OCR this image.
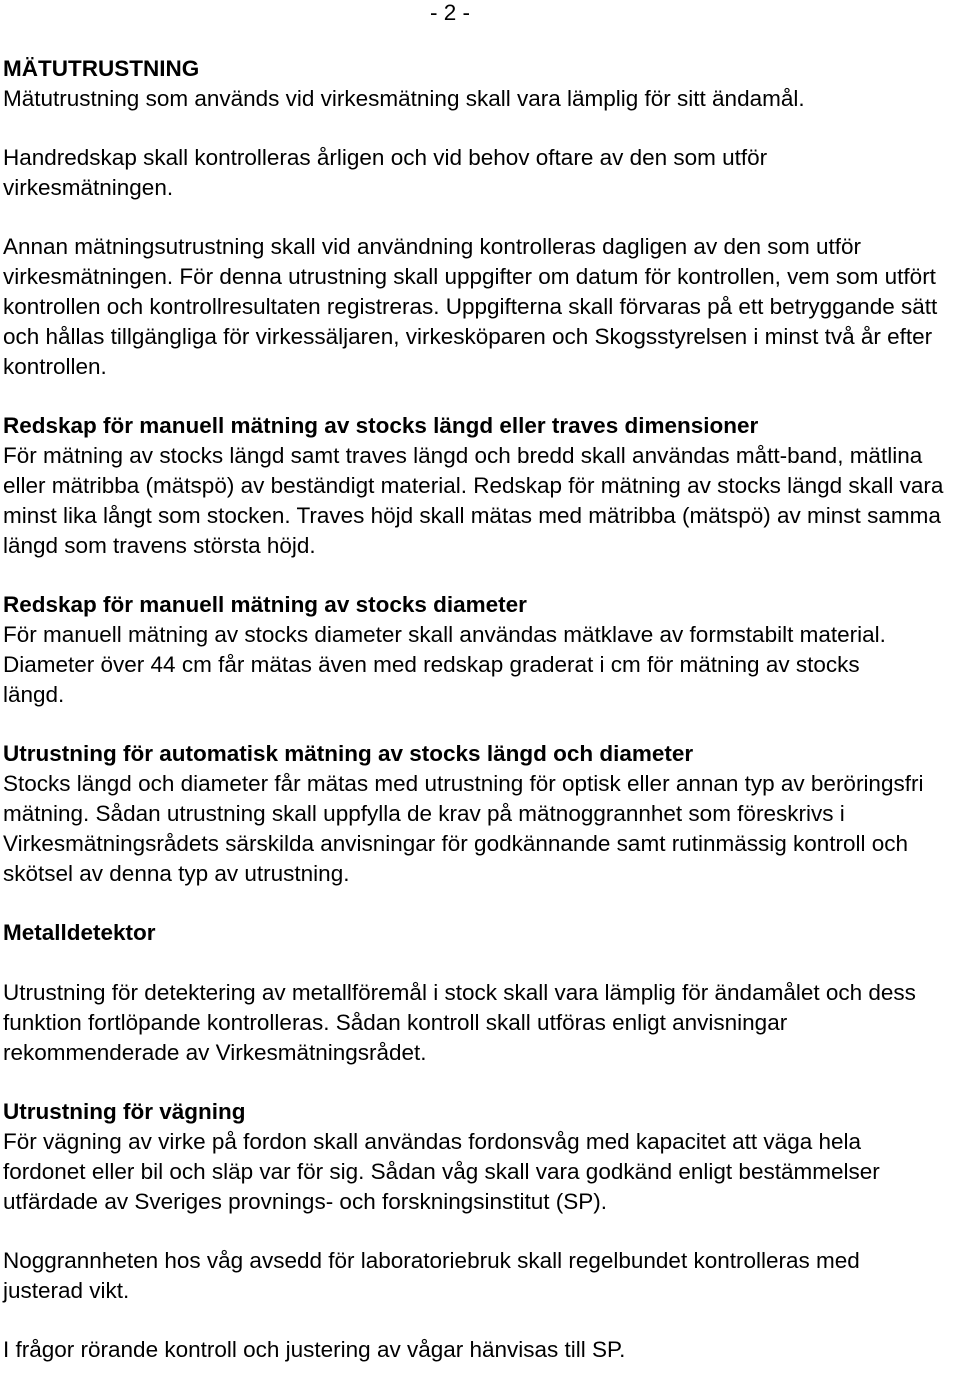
- 2 -
MÄTUTRUSTNING

Mätutrustning som används vid virkesmätning skall vara lämplig för sitt ändamål.

Handredskap skall kontrolleras årligen och vid behov oftare av den som utför virkesmätningen.

Annan mätningsutrustning skall vid användning kontrolleras dagligen av den som utför virkesmätningen. För denna utrustning skall uppgifter om datum för kontrollen, vem som utfört kontrollen och kontrollresultaten registreras. Uppgifterna skall förvaras på ett betryggande sätt och hållas tillgängliga för virkessäljaren, virkesköparen och Skogsstyrelsen i minst två år efter kontrollen.

Redskap för manuell mätning av stocks längd eller traves dimensioner

För mätning av stocks längd samt traves längd och bredd skall användas mått-band, mätlina eller mätribba (mätspö) av beständigt material. Redskap för mätning av stocks längd skall vara minst lika långt som stocken. Traves höjd skall mätas med mätribba (mätspö) av minst samma längd som travens största höjd.

Redskap för manuell mätning av stocks diameter

För manuell mätning av stocks diameter skall användas mätklave av formstabilt material. Diameter över 44 cm får mätas även med redskap graderat i cm för mätning av stocks längd.

Utrustning för automatisk mätning av stocks längd och diameter

Stocks längd och diameter får mätas med utrustning för optisk eller annan typ av beröringsfri mätning. Sådan utrustning skall uppfylla de krav på mätnoggrannhet som föreskrivs i Virkesmätningsrådets särskilda anvisningar för godkännande samt rutinmässig kontroll och skötsel av denna typ av utrustning.

Metalldetektor

Utrustning för detektering av metallföremål i stock skall vara lämplig för ändamålet och dess funktion fortlöpande kontrolleras. Sådan kontroll skall utföras enligt anvisningar rekommenderade av Virkesmätningsrådet.

Utrustning för vägning

För vägning av virke på fordon skall användas fordonsvåg med kapacitet att väga hela fordonet eller bil och släp var för sig. Sådan våg skall vara godkänd enligt bestämmelser utfärdade av Sveriges provnings- och forskningsinstitut (SP).

Noggrannheten hos våg avsedd för laboratoriebruk skall regelbundet kontrolleras med justerad vikt.

I frågor rörande kontroll och justering av vågar hänvisas till SP.
